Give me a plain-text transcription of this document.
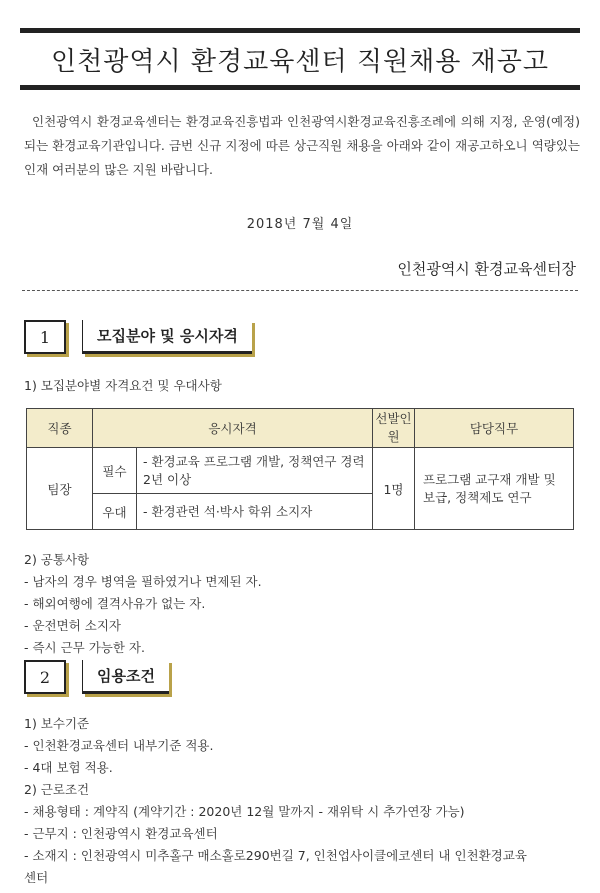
인천광역시 환경교육센터 직원채용 재공고
인천광역시 환경교육센터는 환경교육진흥법과 인천광역시환경교육진흥조례에 의해 지정, 운영(예정)되는 환경교육기관입니다. 금번 신규 지정에 따른 상근직원 채용을 아래와 같이 재공고하오니 역량있는 인재 여러분의 많은 지원 바랍니다.
2018년 7월 4일
인천광역시 환경교육센터장
1	모집분야 및 응시자격
1) 모집분야별 자격요건 및 우대사항
직종	응시자격		선발인원	담당직무
팀장	필수	- 환경교육 프로그램 개발, 정책연구 경력 2년 이상	1명	프로그램 교구재 개발 및 보급, 정책제도 연구
	우대	- 환경관련 석·박사 학위 소지자		
2) 공통사항
- 남자의 경우 병역을 필하였거나 면제된 자.
- 해외여행에 결격사유가 없는 자.
- 운전면허 소지자
- 즉시 근무 가능한 자.
2	임용조건
1) 보수기준
- 인천환경교육센터 내부기준 적용.
- 4대 보험 적용.
2) 근로조건
- 채용형태 : 계약직 (계약기간 : 2020년 12월 말까지 - 재위탁 시 추가연장 가능)
- 근무지 : 인천광역시 환경교육센터
- 소재지 : 인천광역시 미추홀구 매소홀로290번길 7, 인천업사이클에코센터 내 인천환경교육
센터
